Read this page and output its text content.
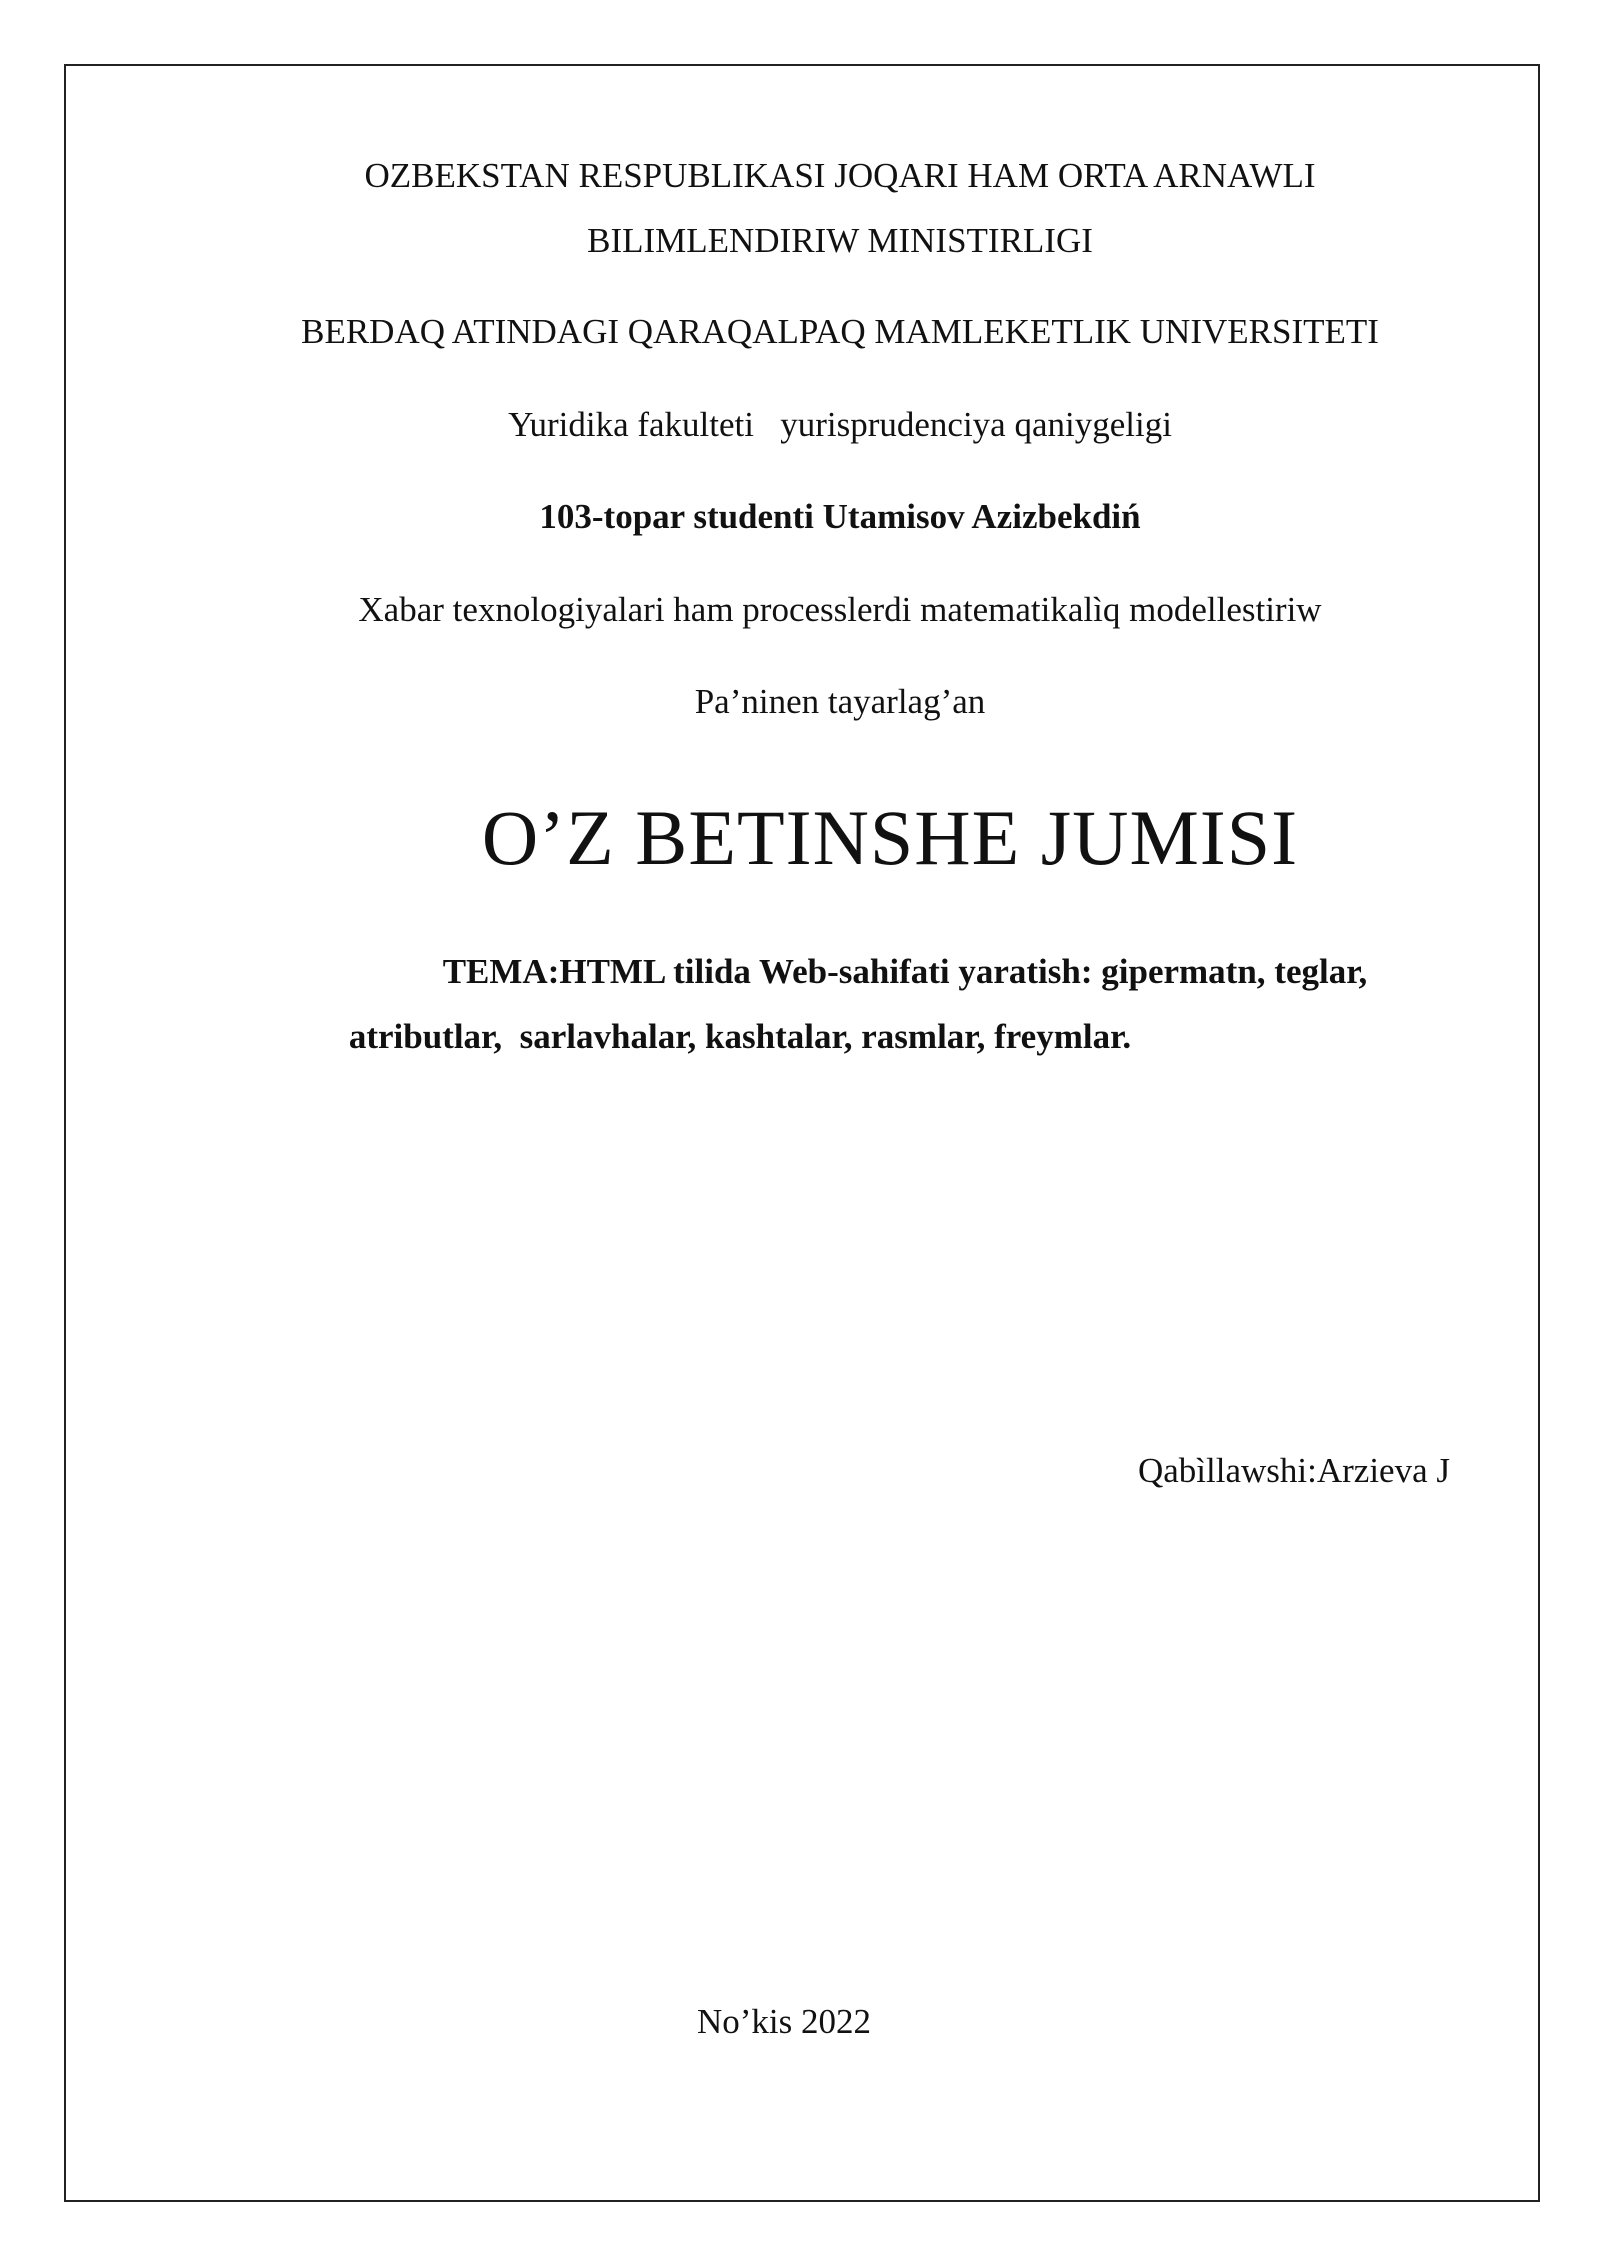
OZBEKSTAN RESPUBLIKASI JOQARI HAM ORTA ARNAWLI
BILIMLENDIRIW MINISTIRLIGI
BERDAQ ATINDAGI QARAQALPAQ MAMLEKETLIK UNIVERSITETI
Yuridika fakulteti   yurisprudenciya qaniygeligi
103-topar studenti Utamisov Azizbekdiń
Xabar texnologiyalari ham processlerdi matematikalìq modellestiriw
Pa’ninen tayarlag’an
O’Z BETINSHE JUMISI
TEMA:HTML tilida Web-sahifati yaratish: gipermatn, teglar,
atributlar,  sarlavhalar, kashtalar, rasmlar, freymlar.
Qabìllawshi:Arzieva J
No’kis 2022
